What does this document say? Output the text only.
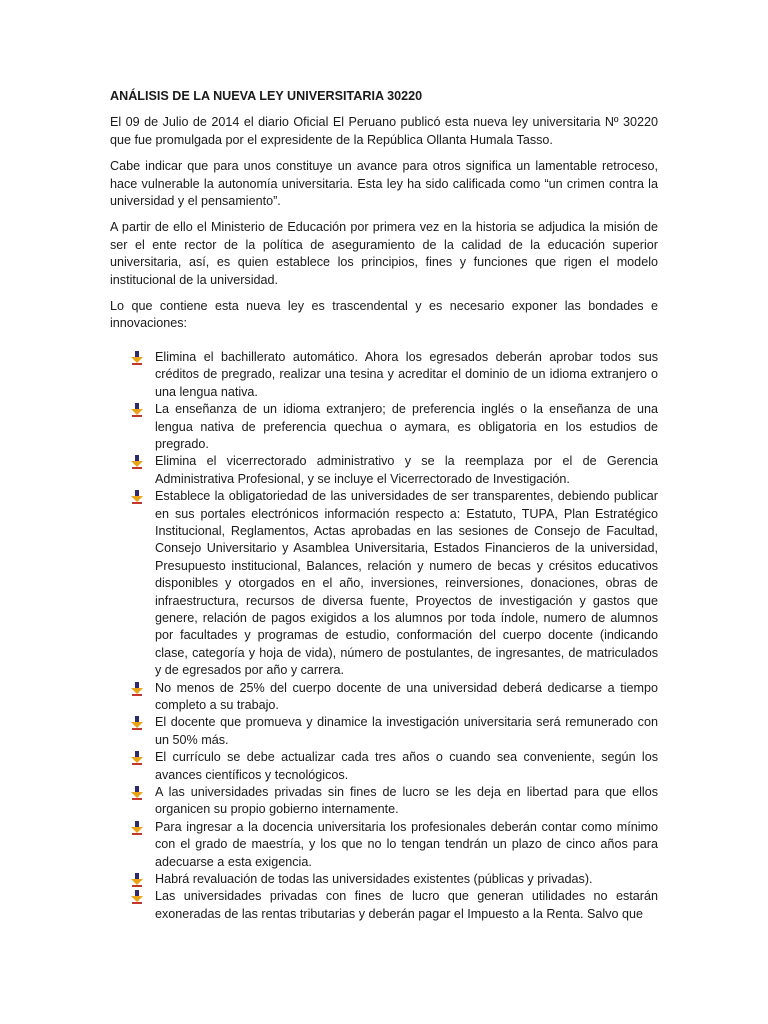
ANÁLISIS DE LA NUEVA LEY UNIVERSITARIA 30220

El 09 de Julio de 2014 el diario Oficial El Peruano publicó esta nueva ley universitaria Nº 30220 que fue promulgada por el expresidente de la República Ollanta Humala Tasso.

Cabe indicar que para unos constituye un avance para otros significa un lamentable retroceso, hace vulnerable la autonomía universitaria. Esta ley ha sido calificada como “un crimen contra la universidad y el pensamiento”.

A partir de ello el Ministerio de Educación por primera vez en la historia se adjudica la misión de ser el ente rector de la política de aseguramiento de la calidad de la educación superior universitaria, así, es quien establece los principios, fines y funciones que rigen el modelo institucional de la universidad.

Lo que contiene esta nueva ley es trascendental y es necesario exponer las bondades e innovaciones:

Elimina el bachillerato automático. Ahora los egresados deberán aprobar todos sus créditos de pregrado, realizar una tesina y acreditar el dominio de un idioma extranjero o una lengua nativa.
La enseñanza de un idioma extranjero; de preferencia inglés o la enseñanza de una lengua nativa de preferencia quechua o aymara, es obligatoria en los estudios de pregrado.
Elimina el vicerrectorado administrativo y se la reemplaza por el de Gerencia Administrativa Profesional, y se incluye el Vicerrectorado de Investigación.
Establece la obligatoriedad de las universidades de ser transparentes, debiendo publicar en sus portales electrónicos información respecto a: Estatuto, TUPA, Plan Estratégico Institucional, Reglamentos, Actas aprobadas en las sesiones de Consejo de Facultad, Consejo Universitario y Asamblea Universitaria, Estados Financieros de la universidad, Presupuesto institucional, Balances, relación y numero de becas y crésitos educativos disponibles y otorgados en el año, inversiones, reinversiones, donaciones, obras de infraestructura, recursos de diversa fuente, Proyectos de investigación y gastos que genere, relación de pagos exigidos a los alumnos por toda índole, numero de alumnos por facultades y programas de estudio, conformación del cuerpo docente (indicando clase, categoría y hoja de vida), número de postulantes, de ingresantes, de matriculados y de egresados por año y carrera.
No menos de 25% del cuerpo docente de una universidad deberá dedicarse a tiempo completo a su trabajo.
El docente que promueva y dinamice la investigación universitaria será remunerado con un 50% más.
El currículo se debe actualizar cada tres años o cuando sea conveniente, según los avances científicos y tecnológicos.
A las universidades privadas sin fines de lucro se les deja en libertad para que ellos organicen su propio gobierno internamente.
Para ingresar a la docencia universitaria los profesionales deberán contar como mínimo con el grado de maestría, y los que no lo tengan tendrán un plazo de cinco años para adecuarse a esta exigencia.
Habrá revaluación de todas las universidades existentes (públicas y privadas).
Las universidades privadas con fines de lucro que generan utilidades no estarán exoneradas de las rentas tributarias y deberán pagar el Impuesto a la Renta. Salvo que
